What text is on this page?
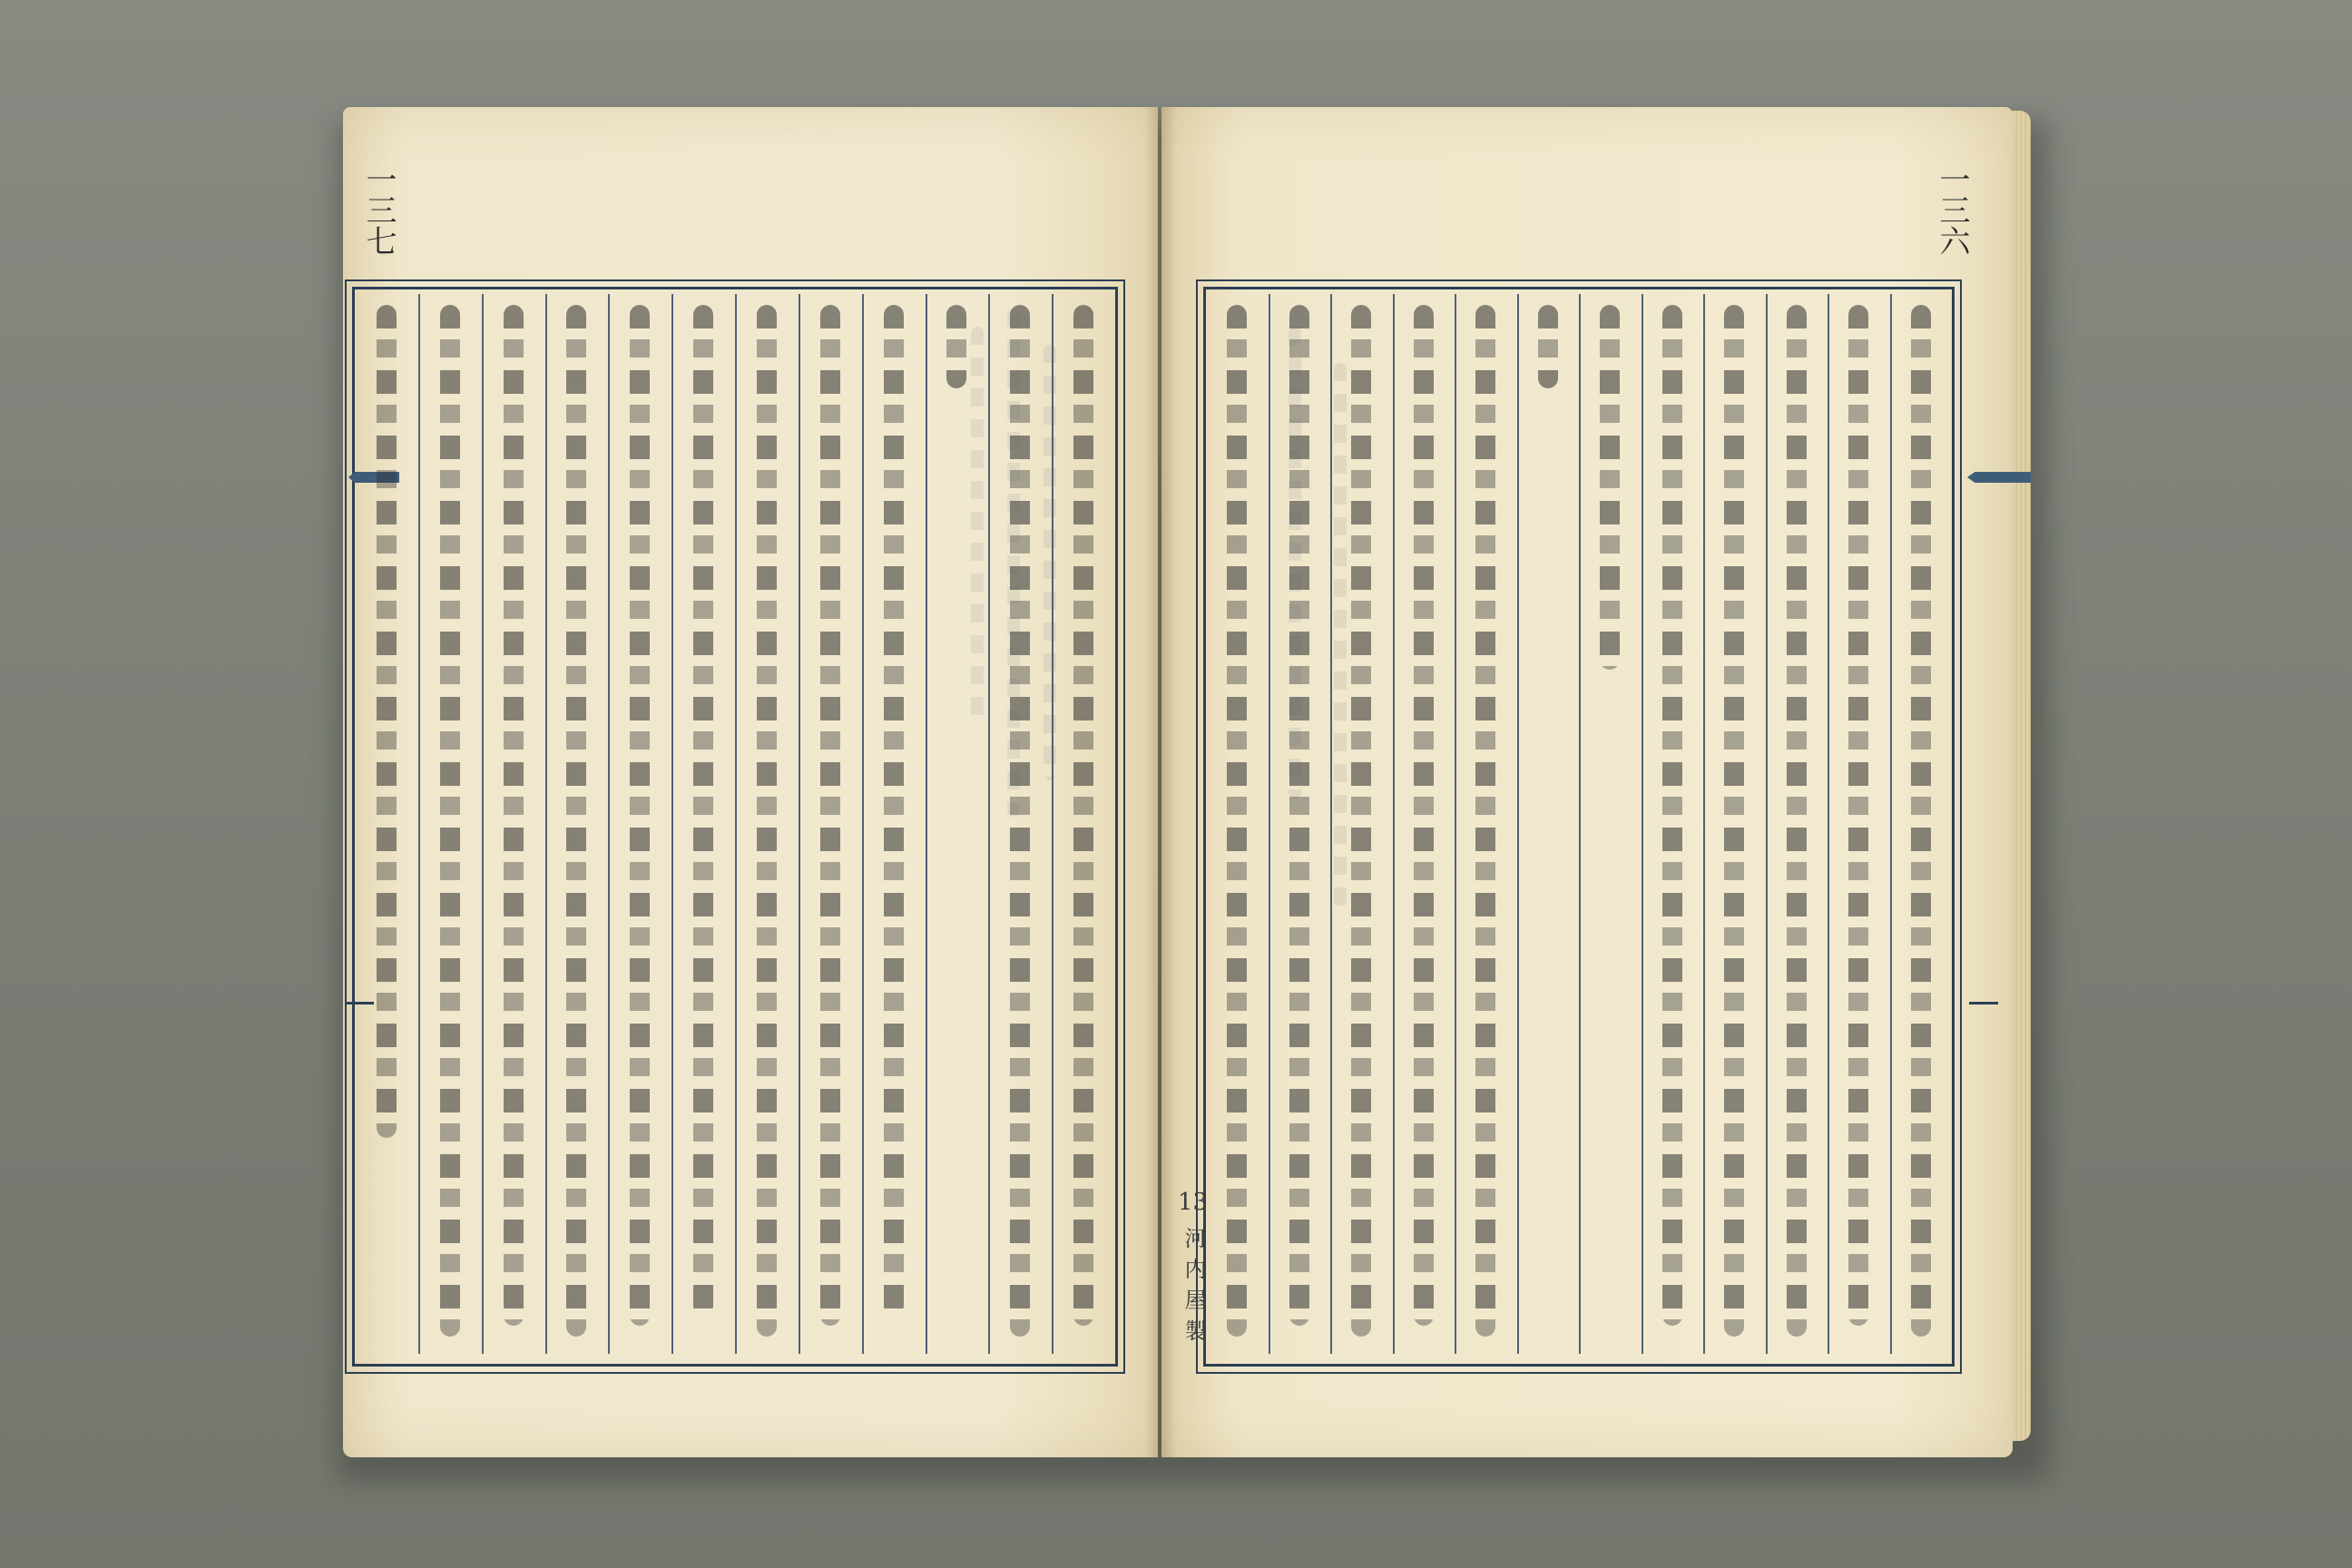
一三七	一三六
13
河内屋製
